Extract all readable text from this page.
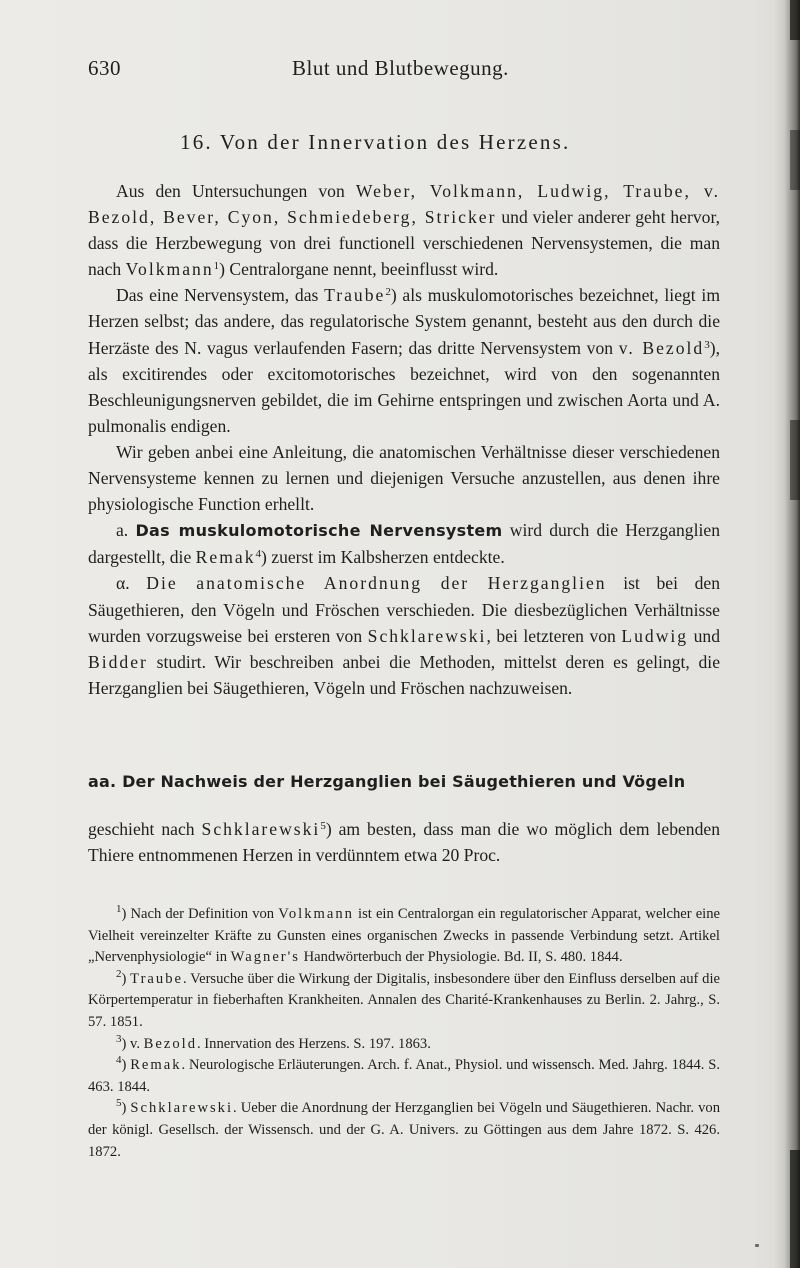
630	Blut und Blutbewegung.
16. Von der Innervation des Herzens.

Aus den Untersuchungen von Weber, Volkmann, Ludwig, Traube, v. Bezold, Bever, Cyon, Schmiedeberg, Stricker und vieler anderer geht hervor, dass die Herzbewegung von drei functionell verschiedenen Nervensystemen, die man nach Volkmann$^1$) Centralorgane nennt, beeinflusst wird.

Das eine Nervensystem, das Traube$^2$) als muskulomotorisches bezeichnet, liegt im Herzen selbst; das andere, das regulatorische System genannt, besteht aus den durch die Herzäste des N. vagus verlaufenden Fasern; das dritte Nervensystem von v. Bezold$^3$), als excitirendes oder excitomotorisches bezeichnet, wird von den sogenannten Beschleunigungsnerven gebildet, die im Gehirne entspringen und zwischen Aorta und A. pulmonalis endigen.

Wir geben anbei eine Anleitung, die anatomischen Verhältnisse dieser verschiedenen Nervensysteme kennen zu lernen und diejenigen Versuche anzustellen, aus denen ihre physiologische Function erhellt.

a. Das muskulomotorische Nervensystem wird durch die Herzganglien dargestellt, die Remak$^4$) zuerst im Kalbsherzen entdeckte.

α. Die anatomische Anordnung der Herzganglien ist bei den Säugethieren, den Vögeln und Fröschen verschieden. Die diesbezüglichen Verhältnisse wurden vorzugsweise bei ersteren von Schklarewski, bei letzteren von Ludwig und Bidder studirt. Wir beschreiben anbei die Methoden, mittelst deren es gelingt, die Herzganglien bei Säugethieren, Vögeln und Fröschen nachzuweisen.

aa. Der Nachweis der Herzganglien bei Säugethieren und Vögeln

geschieht nach Schklarewski$^5$) am besten, dass man die wo möglich dem lebenden Thiere entnommenen Herzen in verdünntem etwa 20 Proc.

$^1$) Nach der Definition von Volkmann ist ein Centralorgan ein regulatorischer Apparat, welcher eine Vielheit vereinzelter Kräfte zu Gunsten eines organischen Zwecks in passende Verbindung setzt. Artikel „Nervenphysiologie“ in Wagner's Handwörterbuch der Physiologie. Bd. II, S. 480. 1844.

$^2$) Traube. Versuche über die Wirkung der Digitalis, insbesondere über den Einfluss derselben auf die Körpertemperatur in fieberhaften Krankheiten. Annalen des Charité-Krankenhauses zu Berlin. 2. Jahrg., S. 57. 1851.

$^3$) v. Bezold. Innervation des Herzens. S. 197. 1863.

$^4$) Remak. Neurologische Erläuterungen. Arch. f. Anat., Physiol. und wissensch. Med. Jahrg. 1844. S. 463. 1844.

$^5$) Schklarewski. Ueber die Anordnung der Herzganglien bei Vögeln und Säugethieren. Nachr. von der königl. Gesellsch. der Wissensch. und der G. A. Univers. zu Göttingen aus dem Jahre 1872. S. 426. 1872.
